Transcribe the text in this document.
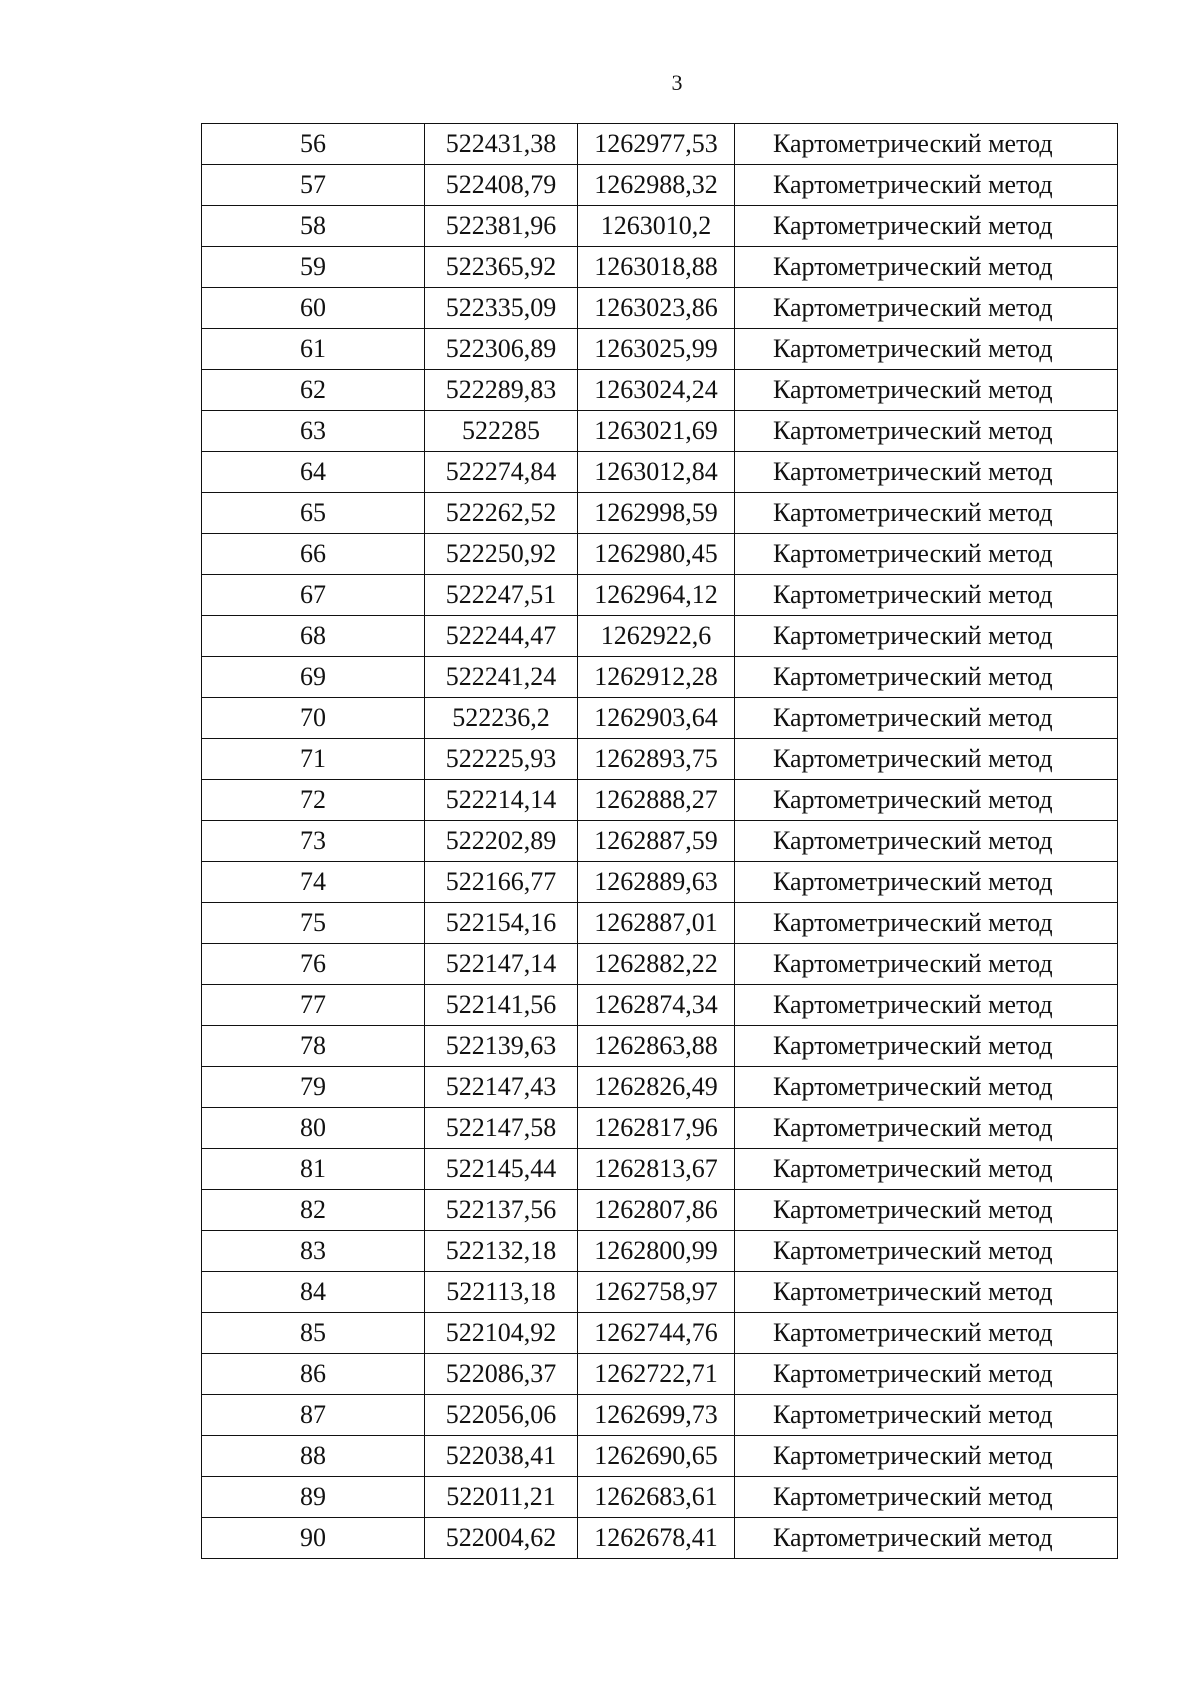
3
56	522431,38	1262977,53	Картометрический метод
57	522408,79	1262988,32	Картометрический метод
58	522381,96	1263010,2	Картометрический метод
59	522365,92	1263018,88	Картометрический метод
60	522335,09	1263023,86	Картометрический метод
61	522306,89	1263025,99	Картометрический метод
62	522289,83	1263024,24	Картометрический метод
63	522285	1263021,69	Картометрический метод
64	522274,84	1263012,84	Картометрический метод
65	522262,52	1262998,59	Картометрический метод
66	522250,92	1262980,45	Картометрический метод
67	522247,51	1262964,12	Картометрический метод
68	522244,47	1262922,6	Картометрический метод
69	522241,24	1262912,28	Картометрический метод
70	522236,2	1262903,64	Картометрический метод
71	522225,93	1262893,75	Картометрический метод
72	522214,14	1262888,27	Картометрический метод
73	522202,89	1262887,59	Картометрический метод
74	522166,77	1262889,63	Картометрический метод
75	522154,16	1262887,01	Картометрический метод
76	522147,14	1262882,22	Картометрический метод
77	522141,56	1262874,34	Картометрический метод
78	522139,63	1262863,88	Картометрический метод
79	522147,43	1262826,49	Картометрический метод
80	522147,58	1262817,96	Картометрический метод
81	522145,44	1262813,67	Картометрический метод
82	522137,56	1262807,86	Картометрический метод
83	522132,18	1262800,99	Картометрический метод
84	522113,18	1262758,97	Картометрический метод
85	522104,92	1262744,76	Картометрический метод
86	522086,37	1262722,71	Картометрический метод
87	522056,06	1262699,73	Картометрический метод
88	522038,41	1262690,65	Картометрический метод
89	522011,21	1262683,61	Картометрический метод
90	522004,62	1262678,41	Картометрический метод
